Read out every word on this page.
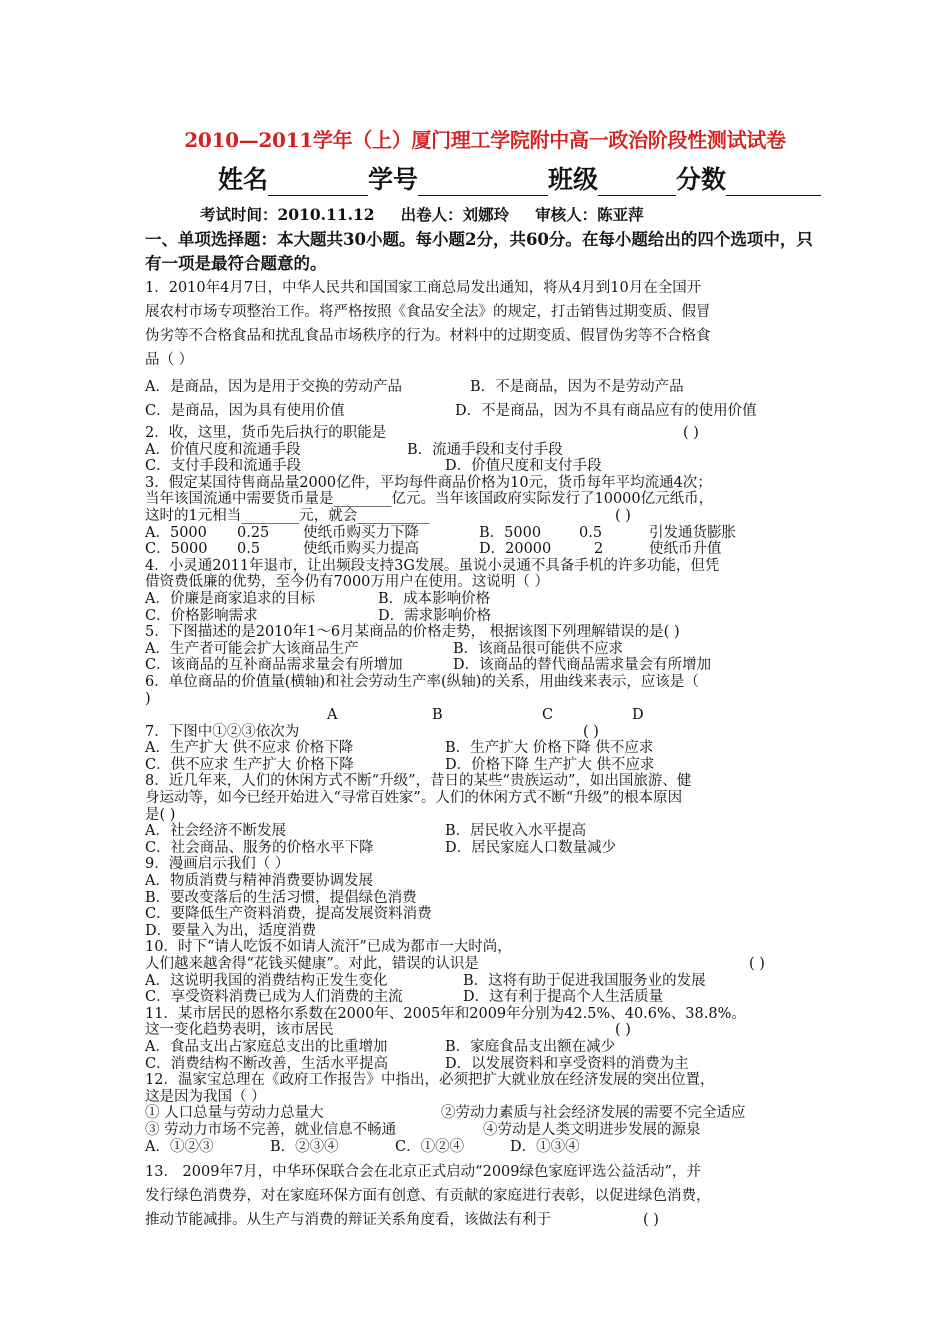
2010—2011学年（上）厦门理工学院附中高一政治阶段性测试试卷
姓名	学号	班级	分数
考试时间：2010.11.12 出卷人：刘娜玲 审核人：陈亚萍
一、单项选择题：本大题共30小题。每小题2分，共60分。在每小题给出的四个选项中，只有一项是最符合题意的。
1．2010年4月7日，中华人民共和国国家工商总局发出通知，将从4月到10月在全国开
展农村市场专项整治工作。将严格按照《食品安全法》的规定，打击销售过期变质、假冒
伪劣等不合格食品和扰乱食品市场秩序的行为。材料中的过期变质、假冒伪劣等不合格食
品（ ）
A．是商品，因为是用于交换的劳动产品	B．不是商品，因为不是劳动产品
C．是商品，因为具有使用价值	D．不是商品，因为不具有商品应有的使用价值
2．收，这里，货币先后执行的职能是	( )
A．价值尺度和流通手段	B．流通手段和支付手段
C．支付手段和流通手段	D．价值尺度和支付手段
3．假定某国待售商品量2000亿件，平均每件商品价格为10元，货币每年平均流通4次；
当年该国流通中需要货币量是________亿元。当年该国政府实际发行了10000亿元纸币，
这时的1元相当________元，就会__________	( )
A．5000 0.25 使纸币购买力下降	B．5000	0.5	引发通货膨胀
C．5000 0.5	使纸币购买力提高	D．20000	2	使纸币升值
4．小灵通2011年退市，让出频段支持3G发展。虽说小灵通不具备手机的许多功能，但凭
借资费低廉的优势，至今仍有7000万用户在使用。这说明（ ）
A．价廉是商家追求的目标	B．成本影响价格
C．价格影响需求	D．需求影响价格
5．下图描述的是2010年1～6月某商品的价格走势， 根据该图下列理解错误的是( )
A．生产者可能会扩大该商品生产	B．该商品很可能供不应求
C．该商品的互补商品需求量会有所增加	D．该商品的替代商品需求量会有所增加
6．单位商品的价值量(横轴)和社会劳动生产率(纵轴)的关系，用曲线来表示，应该是（
)
A	B	C	D
7．下图中①②③依次为	( )
A．生产扩大 供不应求 价格下降	B．生产扩大 价格下降 供不应求
C．供不应求 生产扩大 价格下降	D．价格下降 生产扩大 供不应求
8．近几年来，人们的休闲方式不断“升级”，昔日的某些“贵族运动”，如出国旅游、健
身运动等，如今已经开始进入“寻常百姓家”。人们的休闲方式不断“升级”的根本原因
是( )
A．社会经济不断发展	B．居民收入水平提高
C．社会商品、服务的价格水平下降	D．居民家庭人口数量减少
9．漫画启示我们（ ）
A．物质消费与精神消费要协调发展
B．要改变落后的生活习惯，提倡绿色消费
C．要降低生产资料消费，提高发展资料消费
D．要量入为出，适度消费
10．时下“请人吃饭不如请人流汗”已成为都市一大时尚，
人们越来越舍得“花钱买健康”。对此，错误的认识是	( )
A．这说明我国的消费结构正发生变化	B．这将有助于促进我国服务业的发展
C．享受资料消费已成为人们消费的主流	D．这有利于提高个人生活质量
11．某市居民的恩格尔系数在2000年、2005年和2009年分别为42.5%、40.6%、38.8%。
这一变化趋势表明，该市居民	( )
A．食品支出占家庭总支出的比重增加	B．家庭食品支出额在减少
C．消费结构不断改善，生活水平提高	D．以发展资料和享受资料的消费为主
12．温家宝总理在《政府工作报告》中指出，必须把扩大就业放在经济发展的突出位置，
这是因为我国（ ）
① 人口总量与劳动力总量大	②劳动力素质与社会经济发展的需要不完全适应
③ 劳动力市场不完善，就业信息不畅通	④劳动是人类文明进步发展的源泉
A．①②③	B．②③④	C．①②④	D．①③④
13． 2009年7月，中华环保联合会在北京正式启动“2009绿色家庭评选公益活动”，并
发行绿色消费券，对在家庭环保方面有创意、有贡献的家庭进行表彰，以促进绿色消费，
推动节能减排。从生产与消费的辩证关系角度看，该做法有利于	( )
